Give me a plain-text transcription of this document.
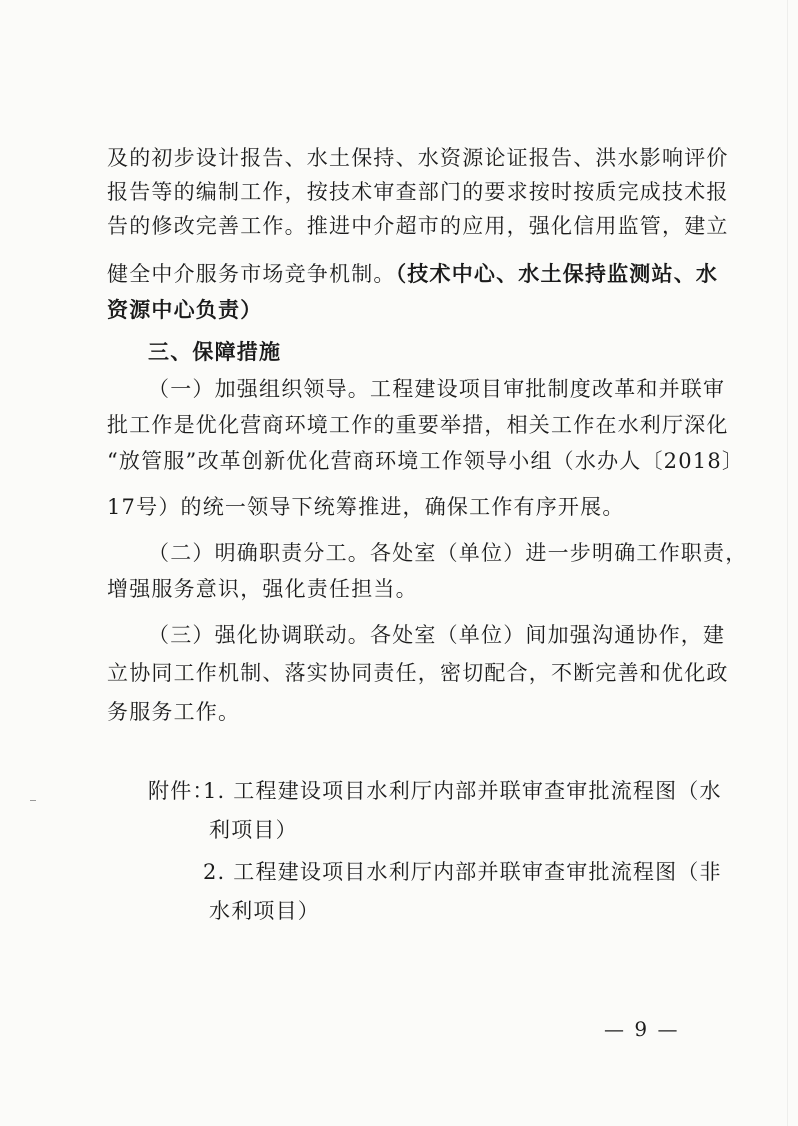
及的初步设计报告、水土保持、水资源论证报告、洪水影响评价
报告等的编制工作，按技术审查部门的要求按时按质完成技术报
告的修改完善工作。推进中介超市的应用，强化信用监管，建立
健全中介服务市场竞争机制。（技术中心、水土保持监测站、水
资源中心负责）
三、保障措施
（一）加强组织领导。工程建设项目审批制度改革和并联审
批工作是优化营商环境工作的重要举措，相关工作在水利厅深化
“放管服”改革创新优化营商环境工作领导小组（水办人〔2018〕
17号）的统一领导下统筹推进，确保工作有序开展。
（二）明确职责分工。各处室（单位）进一步明确工作职责，
增强服务意识，强化责任担当。
（三）强化协调联动。各处室（单位）间加强沟通协作，建
立协同工作机制、落实协同责任，密切配合，不断完善和优化政
务服务工作。
附件：
1. 工程建设项目水利厅内部并联审查审批流程图（水
利项目）
2. 工程建设项目水利厅内部并联审查审批流程图（非
水利项目）
— 9 —
